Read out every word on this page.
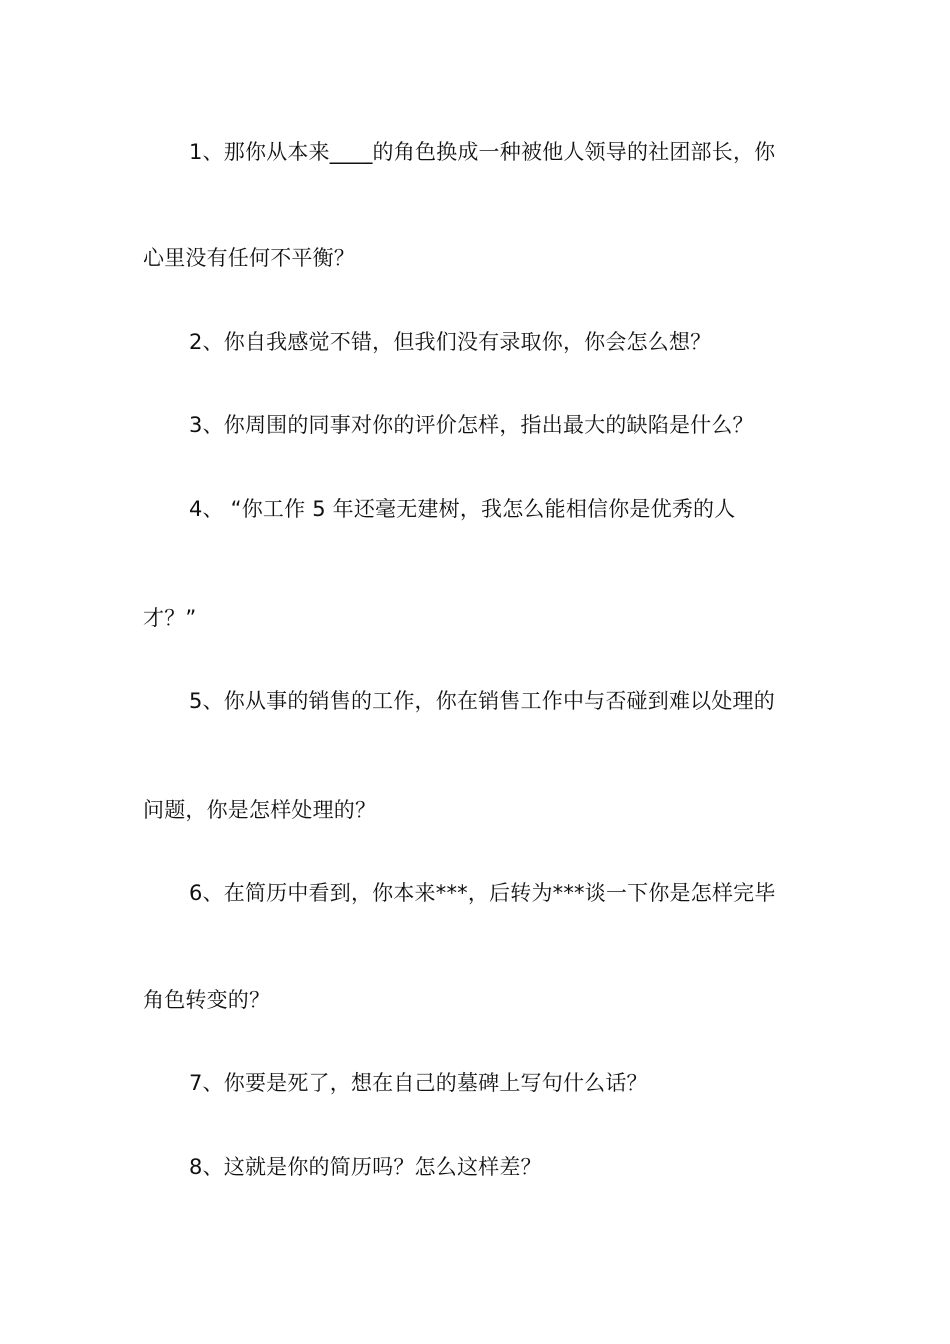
1、那你从本来____的角色换成一种被他人领导的社团部长，你
心里没有任何不平衡？
2、你自我感觉不错，但我们没有录取你，你会怎么想？
3、你周围的同事对你的评价怎样，指出最大的缺陷是什么？
4、 “你工作 5 年还毫无建树，我怎么能相信你是优秀的人
才？”
5、你从事的销售的工作，你在销售工作中与否碰到难以处理的
问题，你是怎样处理的？
6、在简历中看到，你本来***，后转为***谈一下你是怎样完毕
角色转变的？
7、你要是死了，想在自己的墓碑上写句什么话？
8、这就是你的简历吗？怎么这样差？
